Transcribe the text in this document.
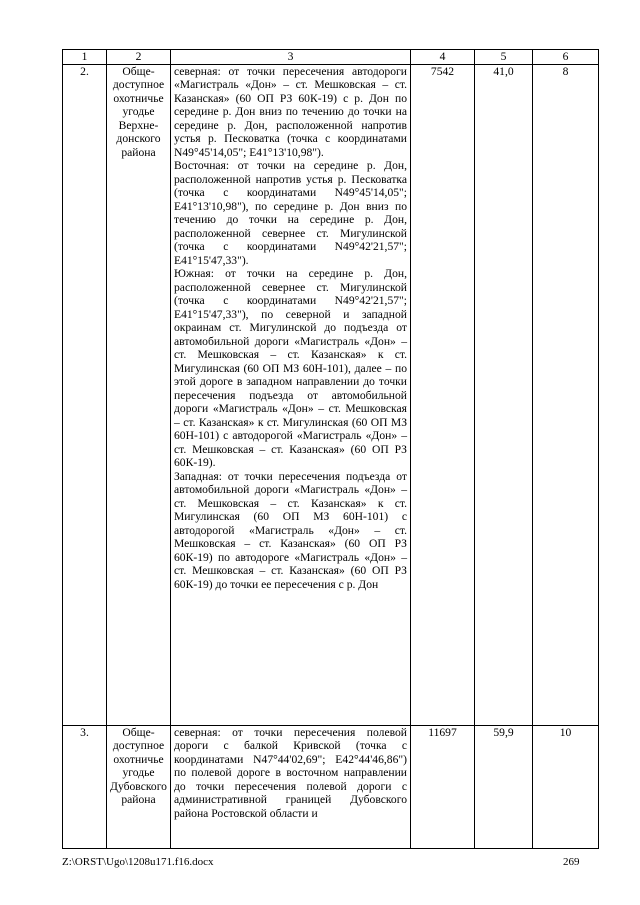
1	2	3	4	5	6
2.	Обще-доступное охотничье угодье Верхне-донского района	северная: от точки пересечения автодороги «Магистраль «Дон» – ст. Мешковская – ст. Казанская» (60 ОП РЗ 60К-19) с р. Дон по середине р. Дон вниз по течению до точки на середине р. Дон, расположенной напротив устья р. Песковатка (точка с координатами N49°45'14,05"; E41°13'10,98").
Восточная: от точки на середине р. Дон, расположенной напротив устья р. Песковатка (точка с координатами N49°45'14,05"; E41°13'10,98"), по середине р. Дон вниз по течению до точки на середине р. Дон, расположенной севернее ст. Мигулинской (точка с координатами N49°42'21,57"; E41°15'47,33").
Южная: от точки на середине р. Дон, расположенной севернее ст. Мигулинской (точка с координатами N49°42'21,57"; E41°15'47,33"), по северной и западной окраинам ст. Мигулинской до подъезда от автомобильной дороги «Магистраль «Дон» – ст. Мешковская – ст. Казанская» к ст. Мигулинская (60 ОП МЗ 60Н-101), далее – по этой дороге в западном направлении до точки пересечения подъезда от автомобильной дороги «Магистраль «Дон» – ст. Мешковская – ст. Казанская» к ст. Мигулинская (60 ОП МЗ 60Н-101) с автодорогой «Магистраль «Дон» – ст. Мешковская – ст. Казанская» (60 ОП РЗ 60К-19).
Западная: от точки пересечения подъезда от автомобильной дороги «Магистраль «Дон» – ст. Мешковская – ст. Казанская» к ст. Мигулинская (60 ОП МЗ 60Н-101) с автодорогой «Магистраль «Дон» – ст. Мешковская – ст. Казанская» (60 ОП РЗ 60К-19) по автодороге «Магистраль «Дон» – ст. Мешковская – ст. Казанская» (60 ОП РЗ 60К-19) до точки ее пересечения с р. Дон	7542	41,0	8
3.	Обще-доступное охотничье угодье Дубовского района	северная: от точки пересечения полевой дороги с балкой Кривской (точка с координатами N47°44'02,69"; E42°44'46,86") по полевой дороге в восточном направлении до точки пересечения полевой дороги с административной границей Дубовского района Ростовской области и	11697	59,9	10
Z:\ORST\Ugo\1208u171.f16.docx	269
